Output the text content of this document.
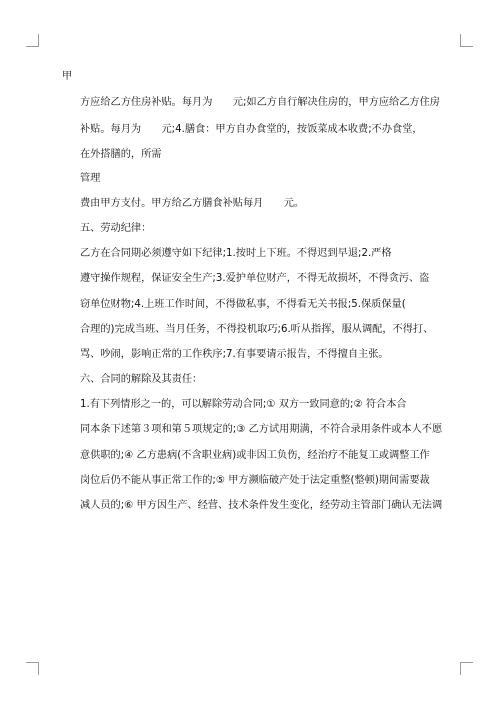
甲
方应给乙方住房补贴。每月为　　元;如乙方自行解决住房的，甲方应给乙方住房
补贴。每月为　　元;4.膳食：甲方自办食堂的，按饭菜成本收费;不办食堂，
在外搭膳的，所需
管理
费由甲方支付。甲方给乙方膳食补贴每月　　元。
五、劳动纪律：
乙方在合同期必须遵守如下纪律;1.按时上下班。不得迟到早退;2.严格
遵守操作规程，保证安全生产;3.爱护单位财产，不得无故损坏，不得贪污、盗
窃单位财物;4.上班工作时间，不得做私事，不得看无关书报;5.保质保量(
合理的)完成当班、当月任务，不得投机取巧;6.听从指挥，服从调配，不得打、
骂、吵闹，影响正常的工作秩序;7.有事要请示报告，不得擅自主张。
六、合同的解除及其责任：
1.有下列情形之一的，可以解除劳动合同;① 双方一致同意的;② 符合本合
同本条下述第３项和第５项规定的;③ 乙方试用期满，不符合录用条件或本人不愿
意供职的;④ 乙方患病(不含职业病)或非因工负伤，经治疗不能复工或调整工作
岗位后仍不能从事正常工作的;⑤ 甲方濒临破产处于法定重整(整顿)期间需要裁
减人员的;⑥ 甲方因生产、经营、技术条件发生变化，经劳动主管部门确认无法调
